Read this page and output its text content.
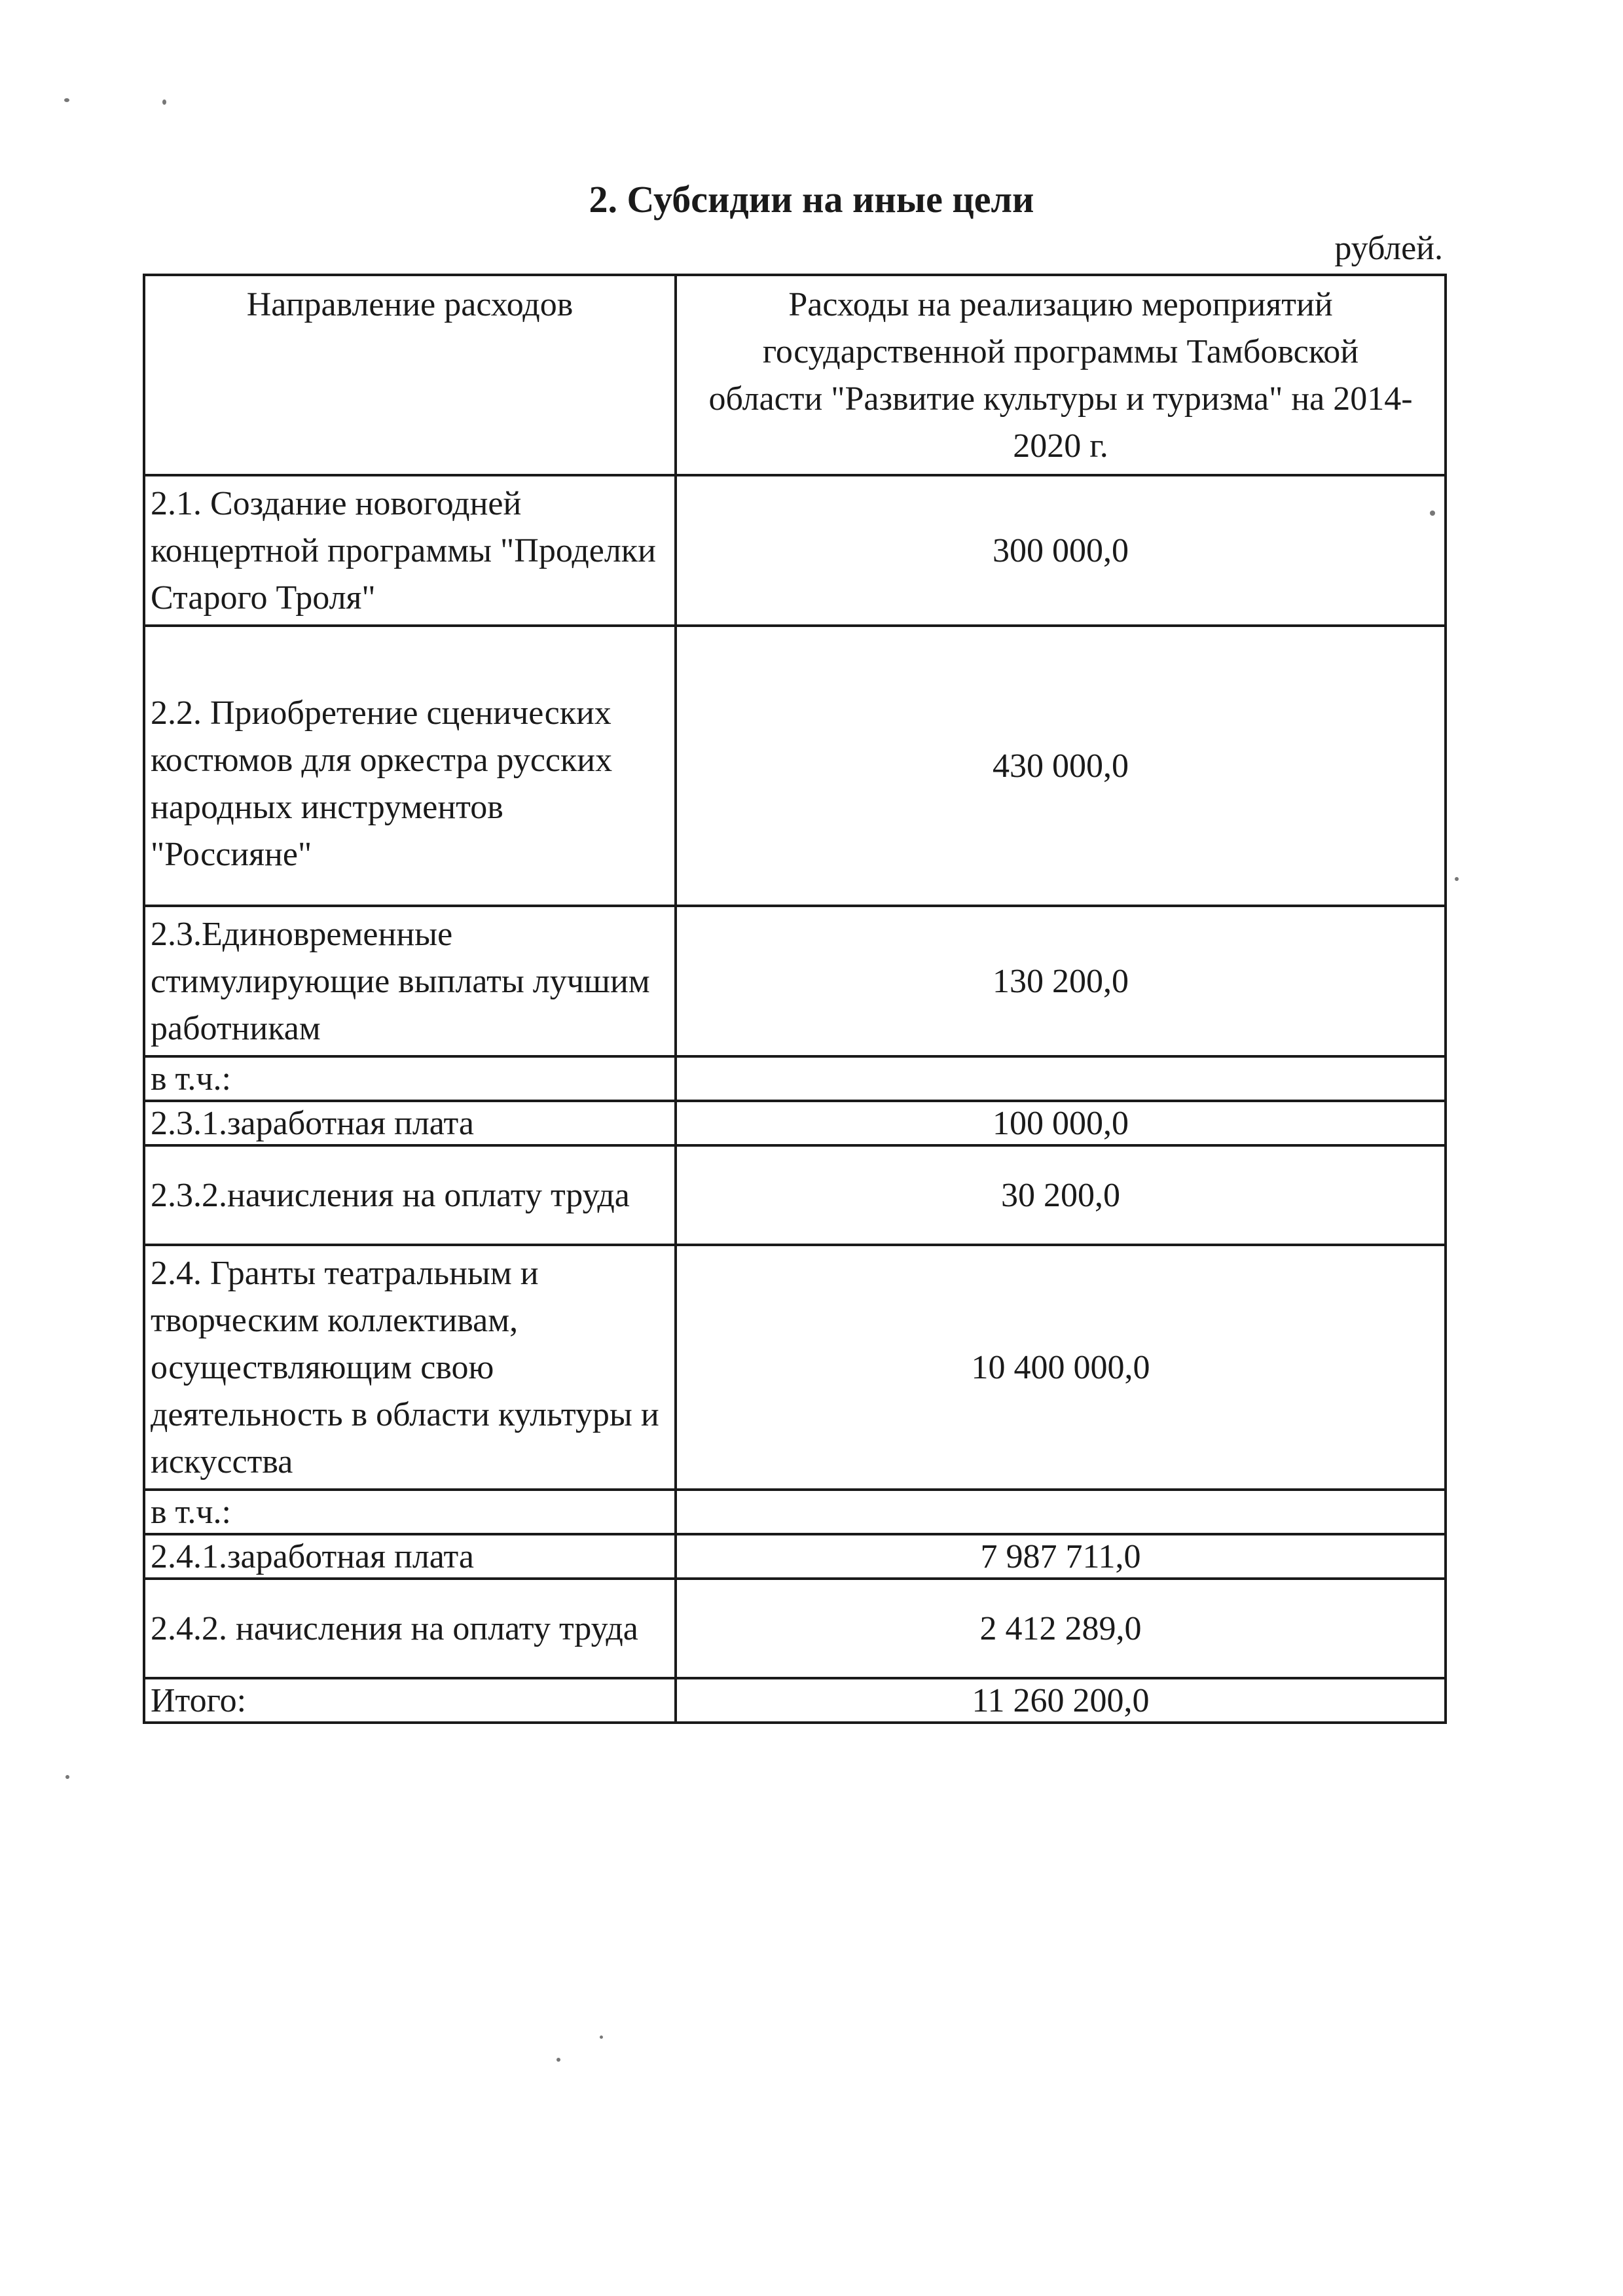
2. Субсидии на иные цели
рублей.
Направление расходов	Расходы на реализацию мероприятий государственной программы Тамбовской области "Развитие культуры и туризма" на 2014-2020 г.
2.1. Создание новогодней концертной программы "Проделки Старого Троля"	300 000,0
2.2. Приобретение сценических костюмов для оркестра русских народных инструментов "Россияне"	430 000,0
2.3.Единовременные стимулирующие выплаты лучшим работникам	130 200,0
в т.ч.:	
2.3.1.заработная плата	100 000,0
2.3.2.начисления на оплату труда	30 200,0
2.4. Гранты театральным и творческим коллективам, осуществляющим свою деятельность в области культуры и искусства	10 400 000,0
в т.ч.:	
2.4.1.заработная плата	7 987 711,0
2.4.2. начисления на оплату труда	2 412 289,0
Итого:	11 260 200,0
